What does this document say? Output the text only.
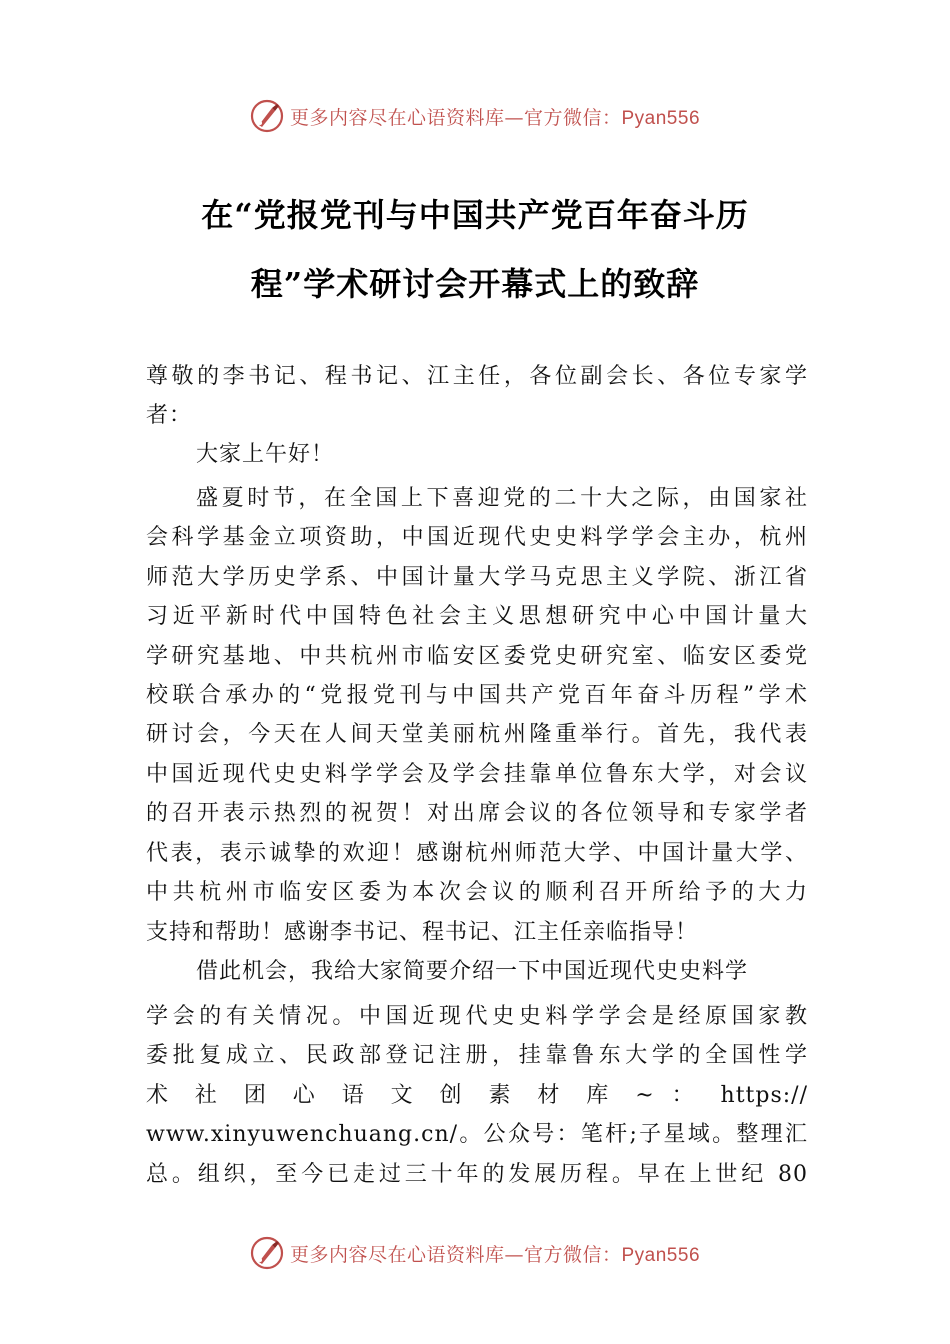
更多内容尽在心语资料库—官方微信：Pyan556
在“党报党刊与中国共产党百年奋斗历
程”学术研讨会开幕式上的致辞
尊敬的李书记、程书记、江主任，各位副会长、各位专家学
者：
大家上午好！
盛夏时节，在全国上下喜迎党的二十大之际，由国家社
会科学基金立项资助，中国近现代史史料学学会主办，杭州
师范大学历史学系、中国计量大学马克思主义学院、浙江省
习近平新时代中国特色社会主义思想研究中心中国计量大
学研究基地、中共杭州市临安区委党史研究室、临安区委党
校联合承办的“党报党刊与中国共产党百年奋斗历程”学术
研讨会，今天在人间天堂美丽杭州隆重举行。首先，我代表
中国近现代史史料学学会及学会挂靠单位鲁东大学，对会议
的召开表示热烈的祝贺！对出席会议的各位领导和专家学者
代表，表示诚挚的欢迎！感谢杭州师范大学、中国计量大学、
中共杭州市临安区委为本次会议的顺利召开所给予的大力
支持和帮助！感谢李书记、程书记、江主任亲临指导！
借此机会，我给大家简要介绍一下中国近现代史史料学
学会的有关情况。中国近现代史史料学学会是经原国家教
委批复成立、民政部登记注册，挂靠鲁东大学的全国性学
术 社 团 心 语 文 创 素 材 库 ~ ： https://
www.xinyuwenchuang.cn/。公众号：笔杆;子星域。整理汇
总。组织，至今已走过三十年的发展历程。早在上世纪 80
更多内容尽在心语资料库—官方微信：Pyan556
